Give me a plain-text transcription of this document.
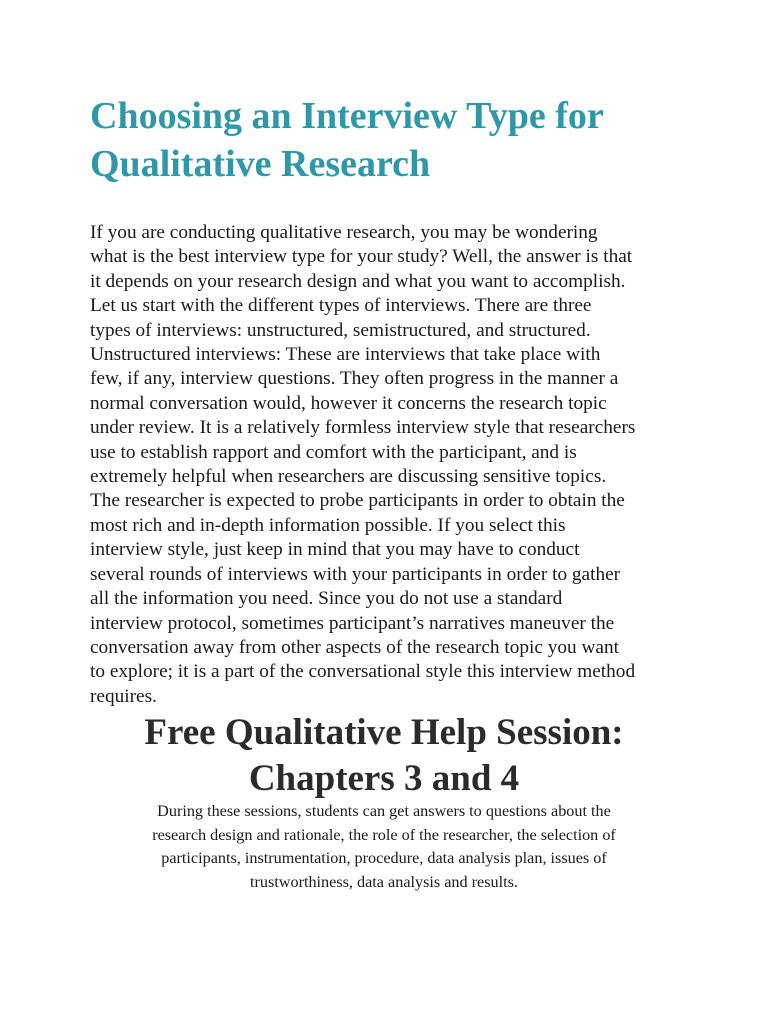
Choosing an Interview Type for
Qualitative Research
If you are conducting qualitative research, you may be wondering
what is the best interview type for your study? Well, the answer is that
it depends on your research design and what you want to accomplish.
Let us start with the different types of interviews. There are three
types of interviews: unstructured, semistructured, and structured.
Unstructured interviews: These are interviews that take place with
few, if any, interview questions. They often progress in the manner a
normal conversation would, however it concerns the research topic
under review. It is a relatively formless interview style that researchers
use to establish rapport and comfort with the participant, and is
extremely helpful when researchers are discussing sensitive topics.
The researcher is expected to probe participants in order to obtain the
most rich and in-depth information possible. If you select this
interview style, just keep in mind that you may have to conduct
several rounds of interviews with your participants in order to gather
all the information you need. Since you do not use a standard
interview protocol, sometimes participant’s narratives maneuver the
conversation away from other aspects of the research topic you want
to explore; it is a part of the conversational style this interview method
requires.
Free Qualitative Help Session:
Chapters 3 and 4
During these sessions, students can get answers to questions about the
research design and rationale, the role of the researcher, the selection of
participants, instrumentation, procedure, data analysis plan, issues of
trustworthiness, data analysis and results.
